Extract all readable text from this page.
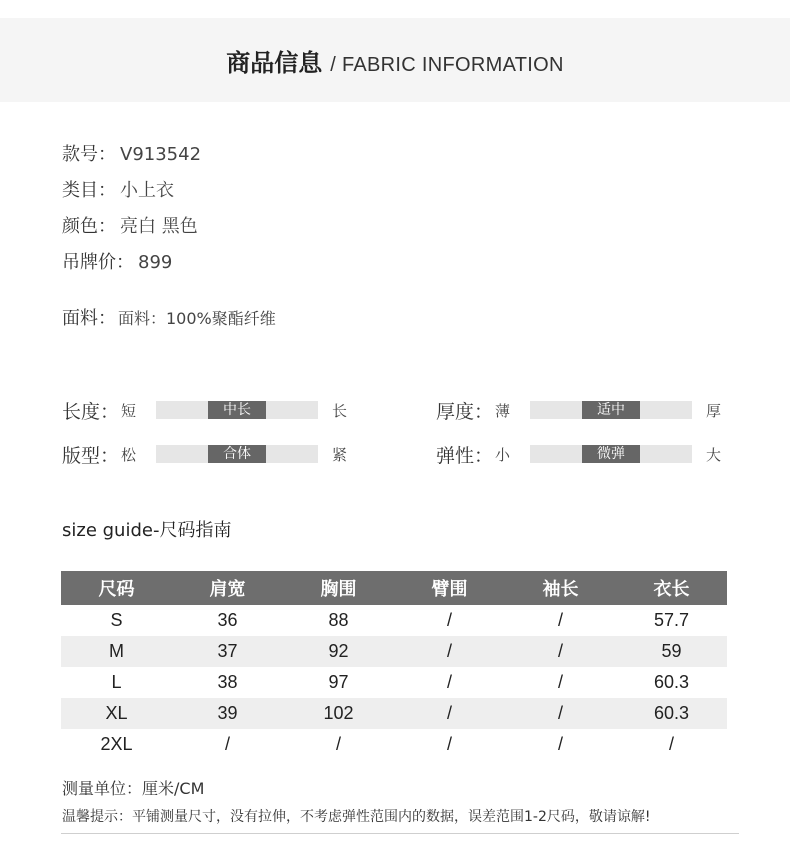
商品信息 / FABRIC INFORMATION
款号： V913542
类目： 小上衣
颜色： 亮白 黑色
吊牌价： 899
面料： 面料：100%聚酯纤维
长度： 短	中长	长	厚度： 薄	适中	厚
版型： 松	合体	紧	弹性： 小	微弹	大
size guide-尺码指南
尺码	肩宽	胸围	臂围	袖长	衣长
S	36	88	/	/	57.7
M	37	92	/	/	59
L	38	97	/	/	60.3
XL	39	102	/	/	60.3
2XL	/	/	/	/	/
测量单位：厘米/CM
温馨提示：平铺测量尺寸，没有拉伸，不考虑弹性范围内的数据，误差范围1-2尺码，敬请谅解!
